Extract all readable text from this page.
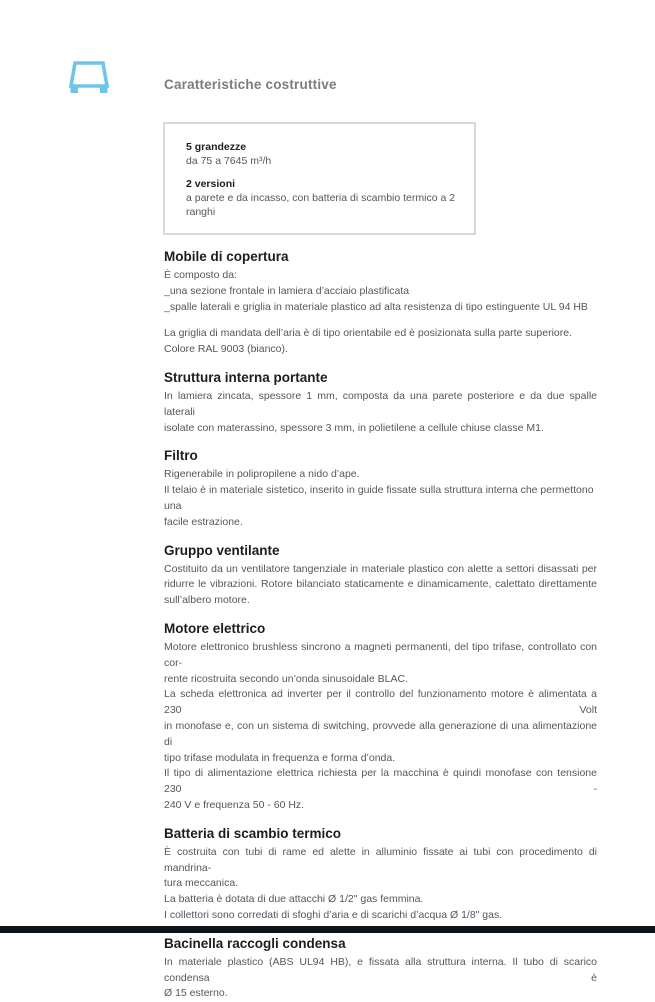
Caratteristiche costruttive
5 grandezze
da 75 a 7645 m³/h
2 versioni
a parete e da incasso, con batteria di scambio termico a 2 ranghi
Mobile di copertura
È composto da:
_una sezione frontale in lamiera d’acciaio plastificata
_spalle laterali e griglia in materiale plastico ad alta resistenza di tipo estinguente UL 94 HB
La griglia di mandata dell’aria è di tipo orientabile ed è posizionata sulla parte superiore.
Colore RAL 9003 (bianco).
Struttura interna portante
In lamiera zincata, spessore 1 mm, composta da una parete posteriore e da due spalle laterali
isolate con materassino, spessore 3 mm, in polietilene a cellule chiuse classe M1.
Filtro
Rigenerabile in polipropilene a nido d’ape.
Il telaio è in materiale sistetico, inserito in guide fissate sulla struttura interna che permettono una
facile estrazione.
Gruppo ventilante
Costituito da un ventilatore tangenziale in materiale plastico con alette a settori disassati per
ridurre le vibrazioni. Rotore bilanciato staticamente e dinamicamente, calettato direttamente
sull’albero motore.
Motore elettrico
Motore elettronico brushless sincrono a magneti permanenti, del tipo trifase, controllato con cor-
rente ricostruita secondo un’onda sinusoidale BLAC.
La scheda elettronica ad inverter per il controllo del funzionamento motore è alimentata a 230 Volt
in monofase e, con un sistema di switching, provvede alla generazione di una alimentazione di
tipo trifase modulata in frequenza e forma d’onda.
Il tipo di alimentazione elettrica richiesta per la macchina è quindi monofase con tensione 230 -
240 V e frequenza 50 - 60 Hz.
Batteria di scambio termico
È costruita con tubi di rame ed alette in alluminio fissate ai tubi con procedimento di mandrina-
tura meccanica.
La batteria è dotata di due attacchi Ø 1/2" gas femmina.
I collettori sono corredati di sfoghi d’aria e di scarichi d’acqua Ø 1/8" gas.
Bacinella raccogli condensa
In materiale plastico (ABS UL94 HB), e fissata alla struttura interna. Il tubo di scarico condensa è
Ø 15 esterno.
